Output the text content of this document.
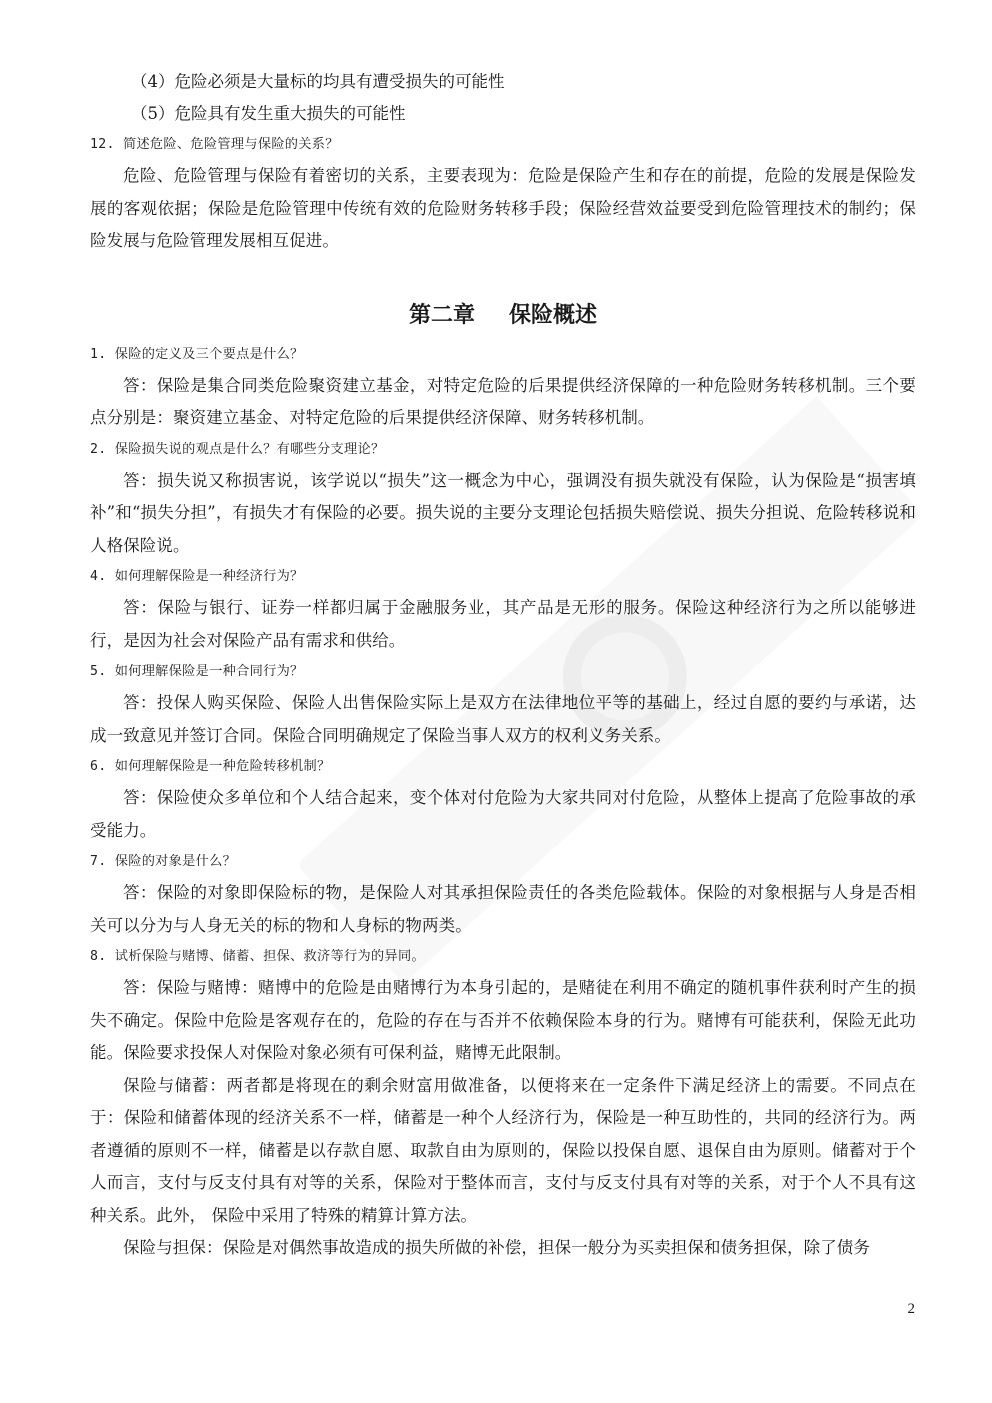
（4）危险必须是大量标的均具有遭受损失的可能性

（5）危险具有发生重大损失的可能性

12. 简述危险、危险管理与保险的关系？

危险、危险管理与保险有着密切的关系，主要表现为：危险是保险产生和存在的前提，危险的发展是保险发展的客观依据；保险是危险管理中传统有效的危险财务转移手段；保险经营效益要受到危险管理技术的制约；保险发展与危险管理发展相互促进。

第二章 保险概述

1. 保险的定义及三个要点是什么？

答：保险是集合同类危险聚资建立基金，对特定危险的后果提供经济保障的一种危险财务转移机制。三个要点分别是：聚资建立基金、对特定危险的后果提供经济保障、财务转移机制。

2. 保险损失说的观点是什么？有哪些分支理论？

答：损失说又称损害说，该学说以“损失”这一概念为中心，强调没有损失就没有保险，认为保险是“损害填补”和“损失分担”，有损失才有保险的必要。损失说的主要分支理论包括损失赔偿说、损失分担说、危险转移说和人格保险说。

4. 如何理解保险是一种经济行为？

答：保险与银行、证券一样都归属于金融服务业，其产品是无形的服务。保险这种经济行为之所以能够进行，是因为社会对保险产品有需求和供给。

5. 如何理解保险是一种合同行为？

答：投保人购买保险、保险人出售保险实际上是双方在法律地位平等的基础上，经过自愿的要约与承诺，达成一致意见并签订合同。保险合同明确规定了保险当事人双方的权利义务关系。

6. 如何理解保险是一种危险转移机制？

答：保险使众多单位和个人结合起来，变个体对付危险为大家共同对付危险，从整体上提高了危险事故的承受能力。

7. 保险的对象是什么？

答：保险的对象即保险标的物，是保险人对其承担保险责任的各类危险载体。保险的对象根据与人身是否相关可以分为与人身无关的标的物和人身标的物两类。

8. 试析保险与赌博、储蓄、担保、救济等行为的异同。

答：保险与赌博：赌博中的危险是由赌博行为本身引起的，是赌徒在利用不确定的随机事件获利时产生的损失不确定。保险中危险是客观存在的，危险的存在与否并不依赖保险本身的行为。赌博有可能获利，保险无此功能。保险要求投保人对保险对象必须有可保利益，赌博无此限制。

保险与储蓄：两者都是将现在的剩余财富用做准备，以便将来在一定条件下满足经济上的需要。不同点在于：保险和储蓄体现的经济关系不一样，储蓄是一种个人经济行为，保险是一种互助性的，共同的经济行为。两者遵循的原则不一样，储蓄是以存款自愿、取款自由为原则的，保险以投保自愿、退保自由为原则。储蓄对于个人而言，支付与反支付具有对等的关系，保险对于整体而言，支付与反支付具有对等的关系，对于个人不具有这种关系。此外， 保险中采用了特殊的精算计算方法。

保险与担保：保险是对偶然事故造成的损失所做的补偿，担保一般分为买卖担保和债务担保，除了债务

2
